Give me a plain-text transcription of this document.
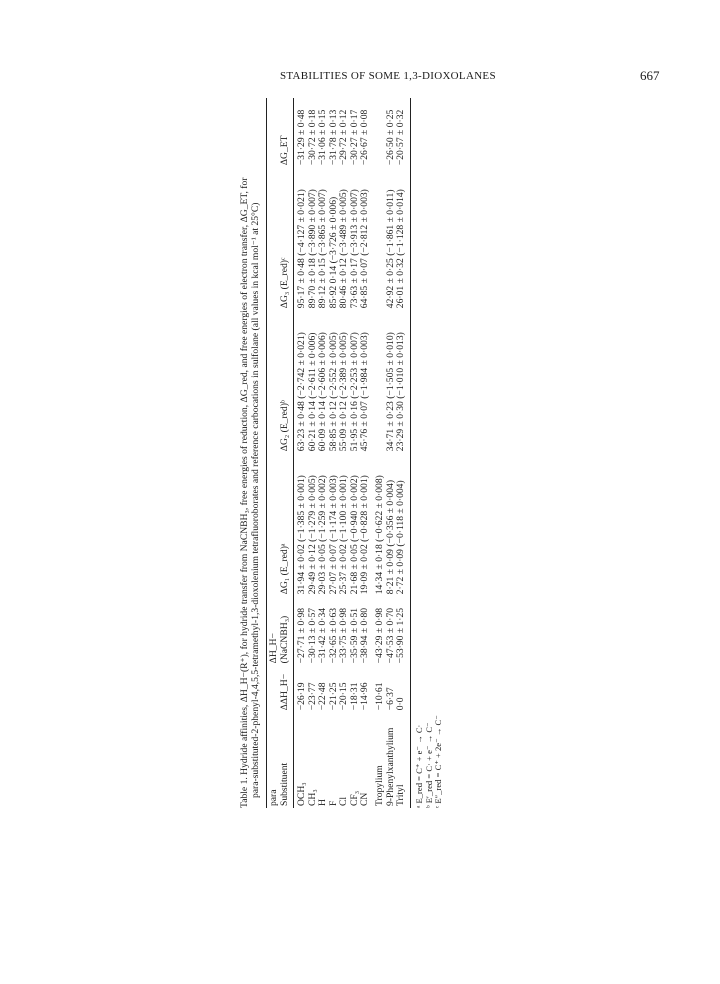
STABILITIES OF SOME 1,3-DIOXOLANES	667

Table 1. Hydride affinities, ΔH_H−(R⁺), for hydride transfer from NaCNBH₃, free energies of reduction, ΔG_red, and free energies of electron transfer, ΔG_ET, for para-substituted-2-phenyl-4,4,5,5-tetramethyl-1,3-dioxolenium tetrafluoroborates and reference carbocations in sulfolane (all values in kcal mol⁻¹ at 25°C) para Substituent	ΔΔH_H−	ΔH_H− (NaCNBH₃)	ΔG₁ (E_red)ᵃ	ΔG₂ (E_red)ᵇ	ΔG₃ (E_red)ᶜ	ΔG_ET

OCH₃	−26·19	−27·71 ± 0·98	31·94 ± 0·02 (−1·385 ± 0·001)	63·23 ± 0·48 (−2·742 ± 0·021)	95·17 ± 0·48 (−4·127 ± 0·021)	−31·29 ± 0·48
CH₃	−23·77	−30·13 ± 0·57	29·49 ± 0·12 (−1·279 ± 0·005)	60·21 ± 0·14 (−2·611 ± 0·006)	89·70 ± 0·18 (−3·890 ± 0·007)	−30·72 ± 0·18
H	−22·48	−31·42 ± 0·34	29·03 ± 0·05 (−1·259 ± 0·002)	60·09 ± 0·14 (−2·606 ± 0·006)	89·12 ± 0·15 (−3·865 ± 0·007)	−31·06 ± 0·15
F	−21·25	−32·65 ± 0·63	27·07 ± 0·07 (−1·174 ± 0·003)	58·85 ± 0·12 (−2·552 ± 0·005)	85·92 0·14 (−3·726 ± 0·006)	−31·78 ± 0·13
Cl	−20·15	−33·75 ± 0·98	25·37 ± 0·02 (−1·100 ± 0·001)	55·09 ± 0·12 (−2·389 ± 0·005)	80·46 ± 0·12 (−3·489 ± 0·005)	−29·72 ± 0·12
CF₃	−18·31	−35·59 ± 0·51	21·68 ± 0·05 (−0·940 ± 0·002)	51·95 ± 0·16 (−2·253 ± 0·007)	73·63 ± 0·17 (−3·913 ± 0·007)	−30·27 ± 0·17
CN	−14·96	−38·94 ± 0·80	19·09 ± 0·02 (−0·828 ± 0·001)	45·76 ± 0·07 (−1·984 ± 0·003)	64·85 ± 0·07 (−2·812 ± 0·003)	−26·67 ± 0·08
Tropylium	−10·61	−43·29 ± 0·98	14·34 ± 0·18 (−0·622 ± 0·008)			
9-Phenylxanthylium	−6·37	−47·53 ± 0·70	8·21 ± 0·09 (−0·356 ± 0·004)	34·71 ± 0·23 (−1·505 ± 0·010)	42·92 ± 0·25 (−1·861 ± 0·011)	−26·50 ± 0·25
Trityl	0·0	−53·90 ± 1·25	2·72 ± 0·09 (−0·118 ± 0·004)	23·29 ± 0·30 (−1·010 ± 0·013)	26·01 ± 0·32 (−1·128 ± 0·014)	−20·57 ± 0·32
ᵃ E_red = C⁺ + e⁻ → C· ᵇ E′_red = C· + e⁻ → C⁻ ᶜ E″_red = C⁺ + 2e⁻ → C⁻
